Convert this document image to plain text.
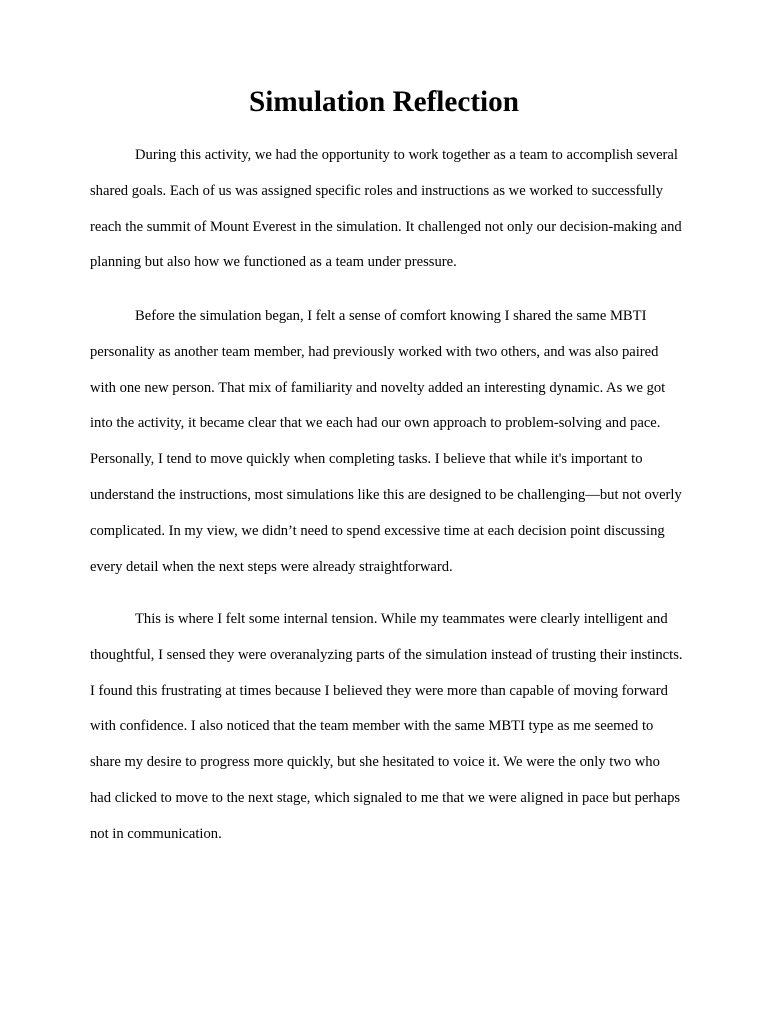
Simulation Reflection

During this activity, we had the opportunity to work together as a team to accomplish several shared goals. Each of us was assigned specific roles and instructions as we worked to successfully reach the summit of Mount Everest in the simulation. It challenged not only our decision-making and planning but also how we functioned as a team under pressure.

Before the simulation began, I felt a sense of comfort knowing I shared the same MBTI personality as another team member, had previously worked with two others, and was also paired with one new person. That mix of familiarity and novelty added an interesting dynamic. As we got into the activity, it became clear that we each had our own approach to problem-solving and pace. Personally, I tend to move quickly when completing tasks. I believe that while it's important to understand the instructions, most simulations like this are designed to be challenging—but not overly complicated. In my view, we didn’t need to spend excessive time at each decision point discussing every detail when the next steps were already straightforward.

This is where I felt some internal tension. While my teammates were clearly intelligent and thoughtful, I sensed they were overanalyzing parts of the simulation instead of trusting their instincts. I found this frustrating at times because I believed they were more than capable of moving forward with confidence. I also noticed that the team member with the same MBTI type as me seemed to share my desire to progress more quickly, but she hesitated to voice it. We were the only two who had clicked to move to the next stage, which signaled to me that we were aligned in pace but perhaps not in communication.
